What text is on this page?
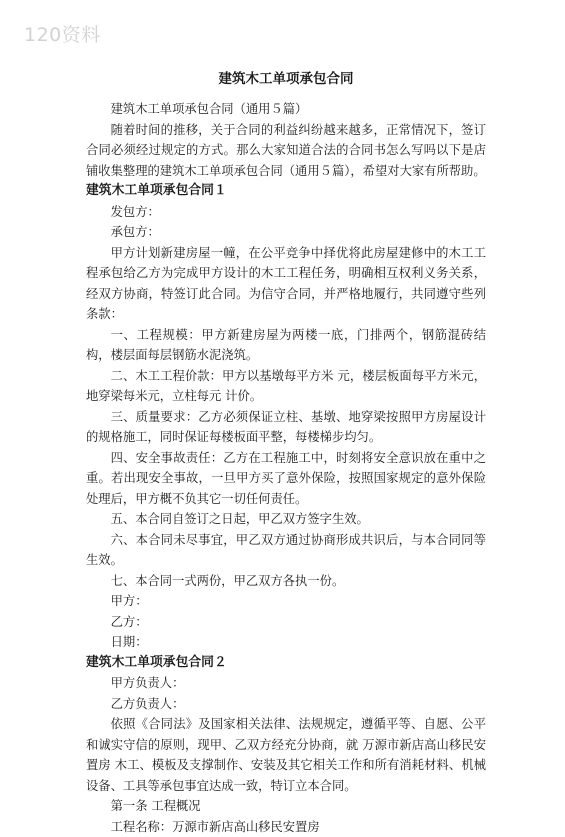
120资料
建筑木工单项承包合同

建筑木工单项承包合同（通用５篇）

随着时间的推移，关于合同的利益纠纷越来越多，正常情况下，签订合同必须经过规定的方式。那么大家知道合法的合同书怎么写吗以下是店铺收集整理的建筑木工单项承包合同（通用５篇），希望对大家有所帮助。

建筑木工单项承包合同１

发包方：

承包方：

甲方计划新建房屋一幢，在公平竞争中择优将此房屋建修中的木工工程承包给乙方为完成甲方设计的木工工程任务，明确相互权利义务关系，经双方协商，特签订此合同。为信守合同，并严格地履行，共同遵守些列条款：

一、工程规模：甲方新建房屋为两楼一底，门排两个，钢筋混砖结构，楼层面每层钢筋水泥浇筑。

二、木工工程价款：甲方以基墩每平方米 元，楼层板面每平方米元，地穿梁每米元，立柱每元 计价。

三、质量要求：乙方必须保证立柱、基墩、地穿梁按照甲方房屋设计的规格施工，同时保证每楼板面平整，每楼梯步均匀。

四、安全事故责任：乙方在工程施工中，时刻将安全意识放在重中之重。若出现安全事故，一旦甲方买了意外保险，按照国家规定的意外保险处理后，甲方概不负其它一切任何责任。

五、本合同自签订之日起，甲乙双方签字生效。

六、本合同未尽事宜，甲乙双方通过协商形成共识后，与本合同同等生效。

七、本合同一式两份，甲乙双方各执一份。

甲方：

乙方：

日期：

建筑木工单项承包合同２

甲方负责人：

乙方负责人：

依照《合同法》及国家相关法律、法规规定，遵循平等、自愿、公平和诚实守信的原则，现甲、乙双方经充分协商，就 万源市新店高山移民安置房 木工、模板及支撑制作、安装及其它相关工作和所有消耗材料、机械设备、工具等承包事宜达成一致，特订立本合同。

第一条 工程概况

工程名称：万源市新店高山移民安置房
